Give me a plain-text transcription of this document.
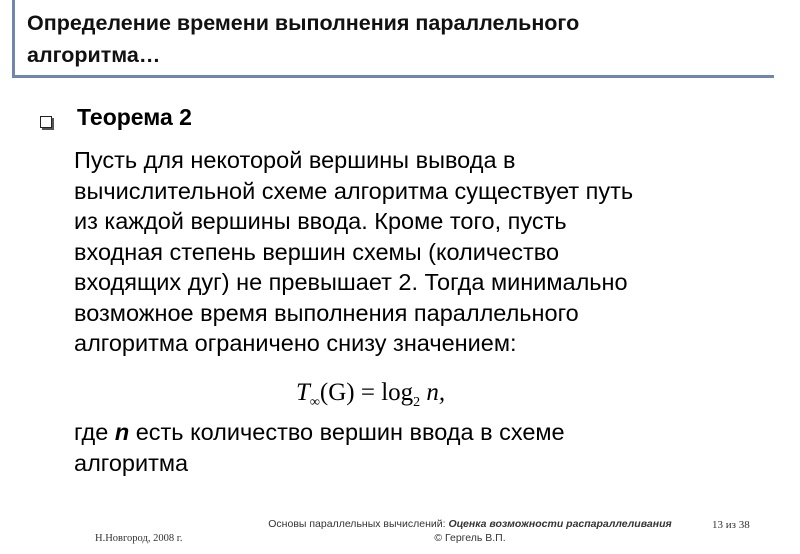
Определение времени выполнения параллельного
алгоритма…
Теорема 2
Пусть для некоторой вершины вывода в
вычислительной схеме алгоритма существует путь
из каждой вершины ввода. Кроме того, пусть
входная степень вершин схемы (количество
входящих дуг) не превышает 2. Тогда минимально
возможное время выполнения параллельного
алгоритма ограничено снизу значением:
$T_\infty(G) = \log_2 n$,
где n есть количество вершин ввода в схеме
алгоритма
Н.Новгород, 2008 г.
Основы параллельных вычислений: Оценка возможности распараллеливания
© Гергель В.П.
13 из 38
